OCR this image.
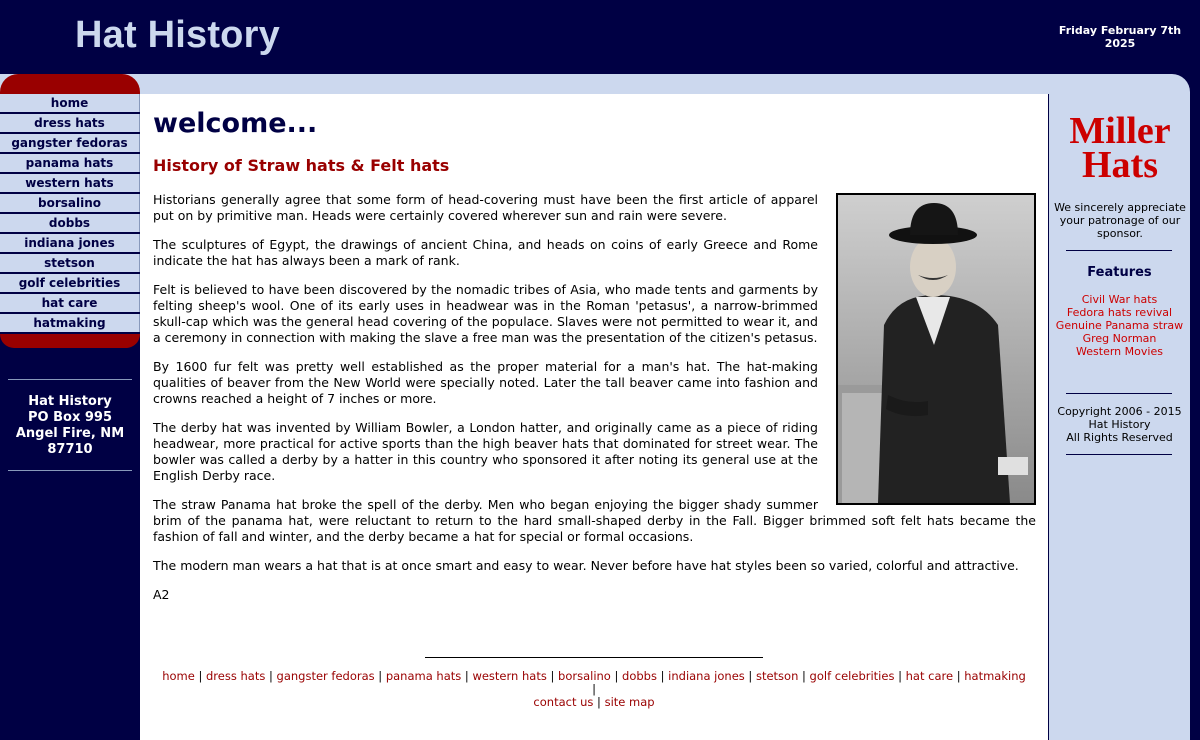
Hat History	Friday February 7th
2025
home
dress hats
gangster fedoras
panama hats
western hats
borsalino
dobbs
indiana jones
stetson
golf celebrities
hat care
hatmaking
Hat History
PO Box 995
Angel Fire, NM
87710
welcome...
History of Straw hats & Felt hats

Historians generally agree that some form of head-covering must have been the first article of apparel put on by primitive man. Heads were certainly covered wherever sun and rain were severe.

The sculptures of Egypt, the drawings of ancient China, and heads on coins of early Greece and Rome indicate the hat has always been a mark of rank.

Felt is believed to have been discovered by the nomadic tribes of Asia, who made tents and garments by felting sheep's wool. One of its early uses in headwear was in the Roman 'petasus', a narrow-brimmed skull-cap which was the general head covering of the populace. Slaves were not permitted to wear it, and a ceremony in connection with making the slave a free man was the presentation of the citizen's petasus.

By 1600 fur felt was pretty well established as the proper material for a man's hat. The hat-making qualities of beaver from the New World were specially noted. Later the tall beaver came into fashion and crowns reached a height of 7 inches or more.

The derby hat was invented by William Bowler, a London hatter, and originally came as a piece of riding headwear, more practical for active sports than the high beaver hats that dominated for street wear. The bowler was called a derby by a hatter in this country who sponsored it after noting its general use at the English Derby race.

The straw Panama hat broke the spell of the derby. Men who began enjoying the bigger shady summer brim of the panama hat, were reluctant to return to the hard small-shaped derby in the Fall. Bigger brimmed soft felt hats became the fashion of fall and winter, and the derby became a hat for special or formal occasions.

The modern man wears a hat that is at once smart and easy to wear. Never before have hat styles been so varied, colorful and attractive.

A2
home | dress hats | gangster fedoras | panama hats | western hats | borsalino | dobbs | indiana jones | stetson | golf celebrities | hat care | hatmaking |
contact us | site map
Miller
Hats
We sincerely appreciate your patronage of our sponsor.
Features
Civil War hats
Fedora hats revival
Genuine Panama straw
Greg Norman
Western Movies
Copyright 2006 - 2015
Hat History
All Rights Reserved
